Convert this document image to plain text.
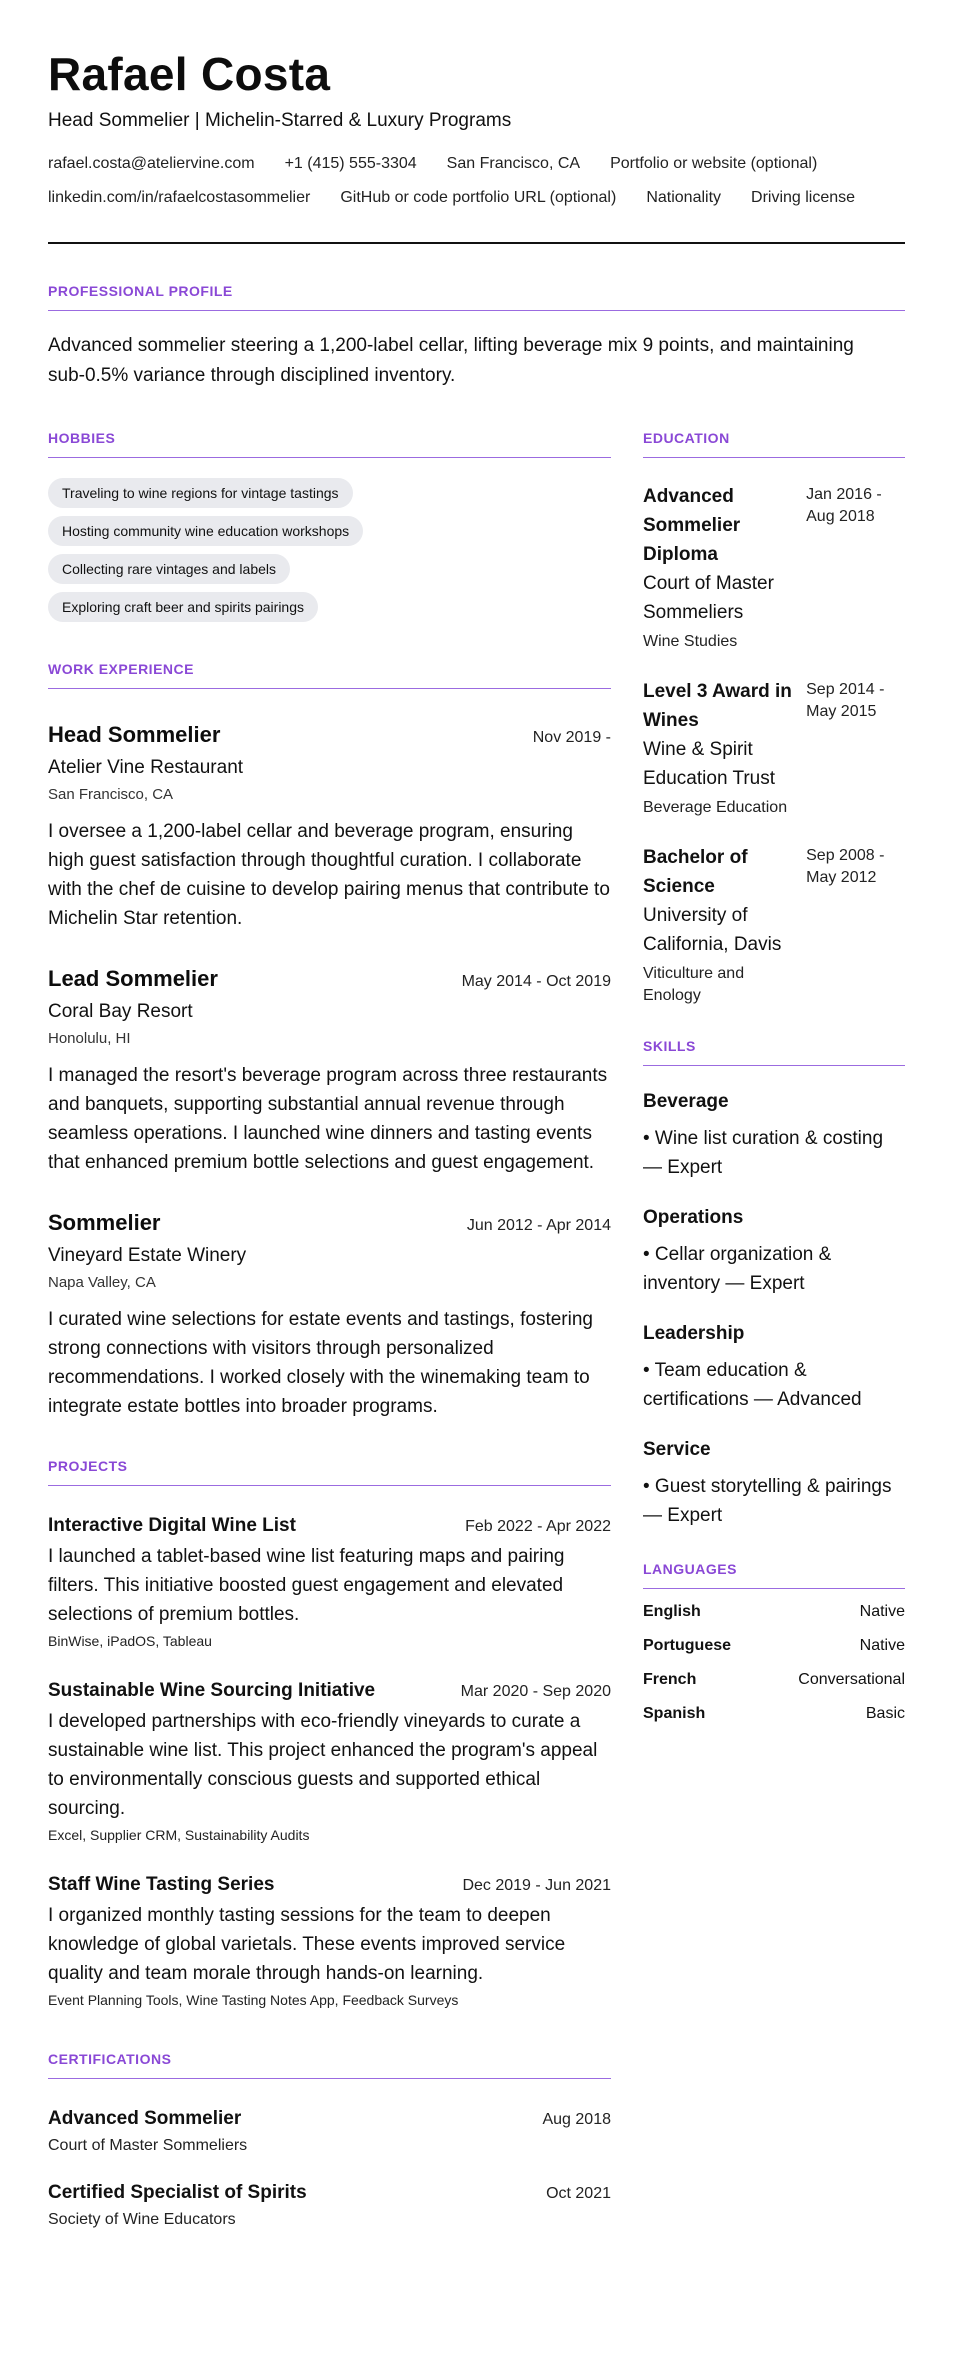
Rafael Costa
Head Sommelier | Michelin-Starred & Luxury Programs
rafael.costa@ateliervine.com +1 (415) 555-3304 San Francisco, CA Portfolio or website (optional)
linkedin.com/in/rafaelcostasommelier GitHub or code portfolio URL (optional) Nationality Driving license
PROFESSIONAL PROFILE
Advanced sommelier steering a 1,200-label cellar, lifting beverage mix 9 points, and maintaining sub-0.5% variance through disciplined inventory.
HOBBIES
Traveling to wine regions for vintage tastings
Hosting community wine education workshops
Collecting rare vintages and labels
Exploring craft beer and spirits pairings
WORK EXPERIENCE
Head Sommelier	Nov 2019 -
Atelier Vine Restaurant
San Francisco, CA
I oversee a 1,200-label cellar and beverage program, ensuring high guest satisfaction through thoughtful curation. I collaborate with the chef de cuisine to develop pairing menus that contribute to Michelin Star retention.
Lead Sommelier	May 2014 - Oct 2019
Coral Bay Resort
Honolulu, HI
I managed the resort's beverage program across three restaurants and banquets, supporting substantial annual revenue through seamless operations. I launched wine dinners and tasting events that enhanced premium bottle selections and guest engagement.
Sommelier	Jun 2012 - Apr 2014
Vineyard Estate Winery
Napa Valley, CA
I curated wine selections for estate events and tastings, fostering strong connections with visitors through personalized recommendations. I worked closely with the winemaking team to integrate estate bottles into broader programs.
PROJECTS
Interactive Digital Wine List	Feb 2022 - Apr 2022
I launched a tablet-based wine list featuring maps and pairing filters. This initiative boosted guest engagement and elevated selections of premium bottles.
BinWise, iPadOS, Tableau
Sustainable Wine Sourcing Initiative	Mar 2020 - Sep 2020
I developed partnerships with eco-friendly vineyards to curate a sustainable wine list. This project enhanced the program's appeal to environmentally conscious guests and supported ethical sourcing.
Excel, Supplier CRM, Sustainability Audits
Staff Wine Tasting Series	Dec 2019 - Jun 2021
I organized monthly tasting sessions for the team to deepen knowledge of global varietals. These events improved service quality and team morale through hands-on learning.
Event Planning Tools, Wine Tasting Notes App, Feedback Surveys
CERTIFICATIONS
Advanced Sommelier	Aug 2018
Court of Master Sommeliers
Certified Specialist of Spirits	Oct 2021
Society of Wine Educators
EDUCATION
Advanced Sommelier Diploma
Court of Master Sommeliers
Wine Studies
Jan 2016 - Aug 2018
Level 3 Award in Wines
Wine & Spirit Education Trust
Beverage Education
Sep 2014 - May 2015
Bachelor of Science
University of California, Davis
Viticulture and Enology
Sep 2008 - May 2012
SKILLS
Beverage
• Wine list curation & costing — Expert
Operations
• Cellar organization & inventory — Expert
Leadership
• Team education & certifications — Advanced
Service
• Guest storytelling & pairings — Expert
LANGUAGES
English	Native
Portuguese	Native
French	Conversational
Spanish	Basic
